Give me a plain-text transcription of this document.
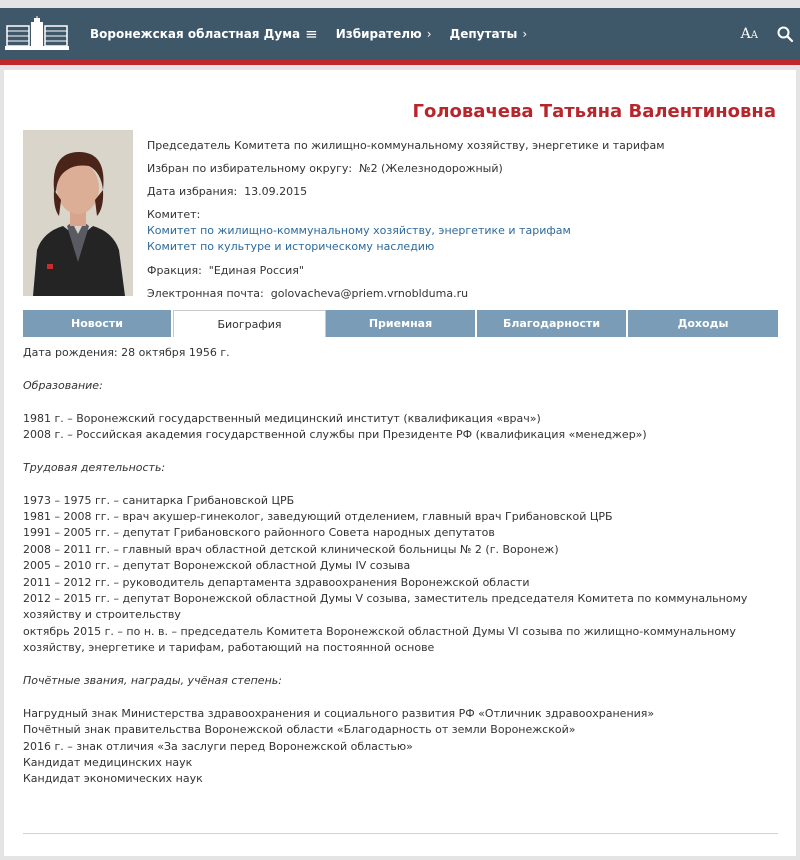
Воронежская областная Дума ≡ Избирателю › Депутаты ›	AA
Головачева Татьяна Валентиновна
Председатель Комитета по жилищно-коммунальному хозяйству, энергетике и тарифам
Избран по избирательному округу: №2 (Железнодорожный)
Дата избрания: 13.09.2015
Комитет:
Комитет по жилищно-коммунальному хозяйству, энергетике и тарифам
Комитет по культуре и историческому наследию
Фракция: "Единая Россия"
Электронная почта: golovacheva@priem.vrnoblduma.ru
Новости	Биография	Приемная	Благодарности	Доходы

Дата рождения: 28 октября 1956 г.

Образование:

1981 г. – Воронежский государственный медицинский институт (квалификация «врач»)

2008 г. – Российская академия государственной службы при Президенте РФ (квалификация «менеджер»)

Трудовая деятельность:

1973 – 1975 гг. – санитарка Грибановской ЦРБ

1981 – 2008 гг. – врач акушер-гинеколог, заведующий отделением, главный врач Грибановской ЦРБ

1991 – 2005 гг. – депутат Грибановского районного Совета народных депутатов

2008 – 2011 гг. – главный врач областной детской клинической больницы № 2 (г. Воронеж)

2005 – 2010 гг. – депутат Воронежской областной Думы IV созыва

2011 – 2012 гг. – руководитель департамента здравоохранения Воронежской области

2012 – 2015 гг. – депутат Воронежской областной Думы V созыва, заместитель председателя Комитета по коммунальному хозяйству и строительству

октябрь 2015 г. – по н. в. – председатель Комитета Воронежской областной Думы VI созыва по жилищно-коммунальному хозяйству, энергетике и тарифам, работающий на постоянной основе

Почётные звания, награды, учёная степень:

Нагрудный знак Министерства здравоохранения и социального развития РФ «Отличник здравоохранения»

Почётный знак правительства Воронежской области «Благодарность от земли Воронежской»

2016 г. – знак отличия «За заслуги перед Воронежской областью»

Кандидат медицинских наук

Кандидат экономических наук
